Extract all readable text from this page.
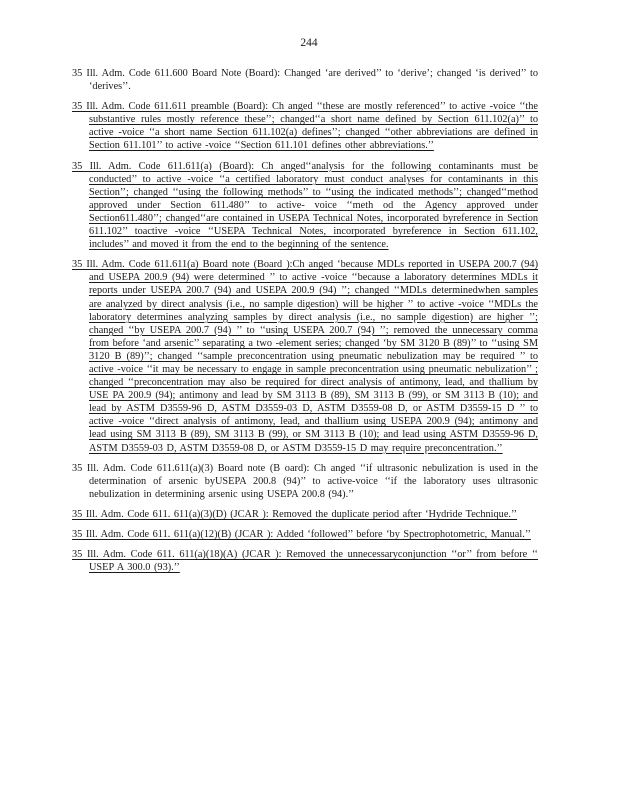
244

35 Ill. Adm. Code 611.600 Board Note (Board): Changed ‘are derived’’ to ‘derive’; changed ‘is derived’’ to ‘derives’’.

35 Ill. Adm. Code 611.611 preamble (Board): Ch anged ‘‘these are mostly referenced’’ to active -voice ‘‘the substantive rules mostly reference these’’; changed‘‘a short name defined by Section 611.102(a)’’ to active -voice ‘‘a short name Section 611.102(a) defines’’; changed ‘‘other abbreviations are defined in Section 611.101’’ to active -voice ‘‘Section 611.101 defines other abbreviations.’’

35 Ill. Adm. Code 611.611(a) (Board): Ch anged‘‘analysis for the following contaminants must be conducted’’ to active -voice ‘‘a certified laboratory must conduct analyses for contaminants in this Section’’; changed ‘‘using the following methods’’ to ‘‘using the indicated methods’’; changed‘‘method approved under Section 611.480’’ to active- voice ‘‘meth od the Agency approved under Section611.480’’; changed‘‘are contained in USEPA Technical Notes, incorporated byreference in Section 611.102’’ toactive -voice ‘‘USEPA Technical Notes, incorporated byreference in Section 611.102, includes’’ and moved it from the end to the beginning of the sentence.

35 Ill. Adm. Code 611.611(a) Board note (Board ):Ch anged ‘because MDLs reported in USEPA 200.7 (94) and USEPA 200.9 (94) were determined ’’ to active -voice ‘‘because a laboratory determines MDLs it reports under USEPA 200.7 (94) and USEPA 200.9 (94) ’’; changed ‘‘MDLs determinedwhen samples are analyzed by direct analysis (i.e., no sample digestion) will be higher ’’ to active -voice ‘‘MDLs the laboratory determines analyzing samples by direct analysis (i.e., no sample digestion) are higher ’’; changed ‘‘by USEPA 200.7 (94) ’’ to ‘‘using USEPA 200.7 (94) ’’; removed the unnecessary comma from before ‘and arsenic’’ separating a two -element series; changed ‘by SM 3120 B (89)’’ to ‘‘using SM 3120 B (89)’’; changed ‘‘sample preconcentration using pneumatic nebulization may be required ’’ to active -voice ‘‘it may be necessary to engage in sample preconcentration using pneumatic nebulization’’ ; changed ‘‘preconcentration may also be required for direct analysis of antimony, lead, and thallium by USE PA 200.9 (94); antimony and lead by SM 3113 B (89), SM 3113 B (99), or SM 3113 B (10); and lead by ASTM D3559-96 D, ASTM D3559-03 D, ASTM D3559-08 D, or ASTM D3559-15 D ’’ to active -voice ‘‘direct analysis of antimony, lead, and thallium using USEPA 200.9 (94); antimony and lead using SM 3113 B (89), SM 3113 B (99), or SM 3113 B (10); and lead using ASTM D3559-96 D, ASTM D3559-03 D, ASTM D3559-08 D, or ASTM D3559-15 D may require preconcentration.’’

35 Ill. Adm. Code 611.611(a)(3) Board note (B oard): Ch anged ‘‘if ultrasonic nebulization is used in the determination of arsenic byUSEPA 200.8 (94)’’ to active-voice ‘‘if the laboratory uses ultrasonic nebulization in determining arsenic using USEPA 200.8 (94).’’

35 Ill. Adm. Code 611. 611(a)(3)(D) (JCAR ): Removed the duplicate period after ‘Hydride Technique.’’

35 Ill. Adm. Code 611. 611(a)(12)(B) (JCAR ): Added ‘followed’’ before ‘by Spectrophotometric, Manual.’’

35 Ill. Adm. Code 611. 611(a)(18)(A) (JCAR ): Removed the unnecessaryconjunction ‘‘or’’ from before ‘‘ USEP A 300.0 (93).’’
